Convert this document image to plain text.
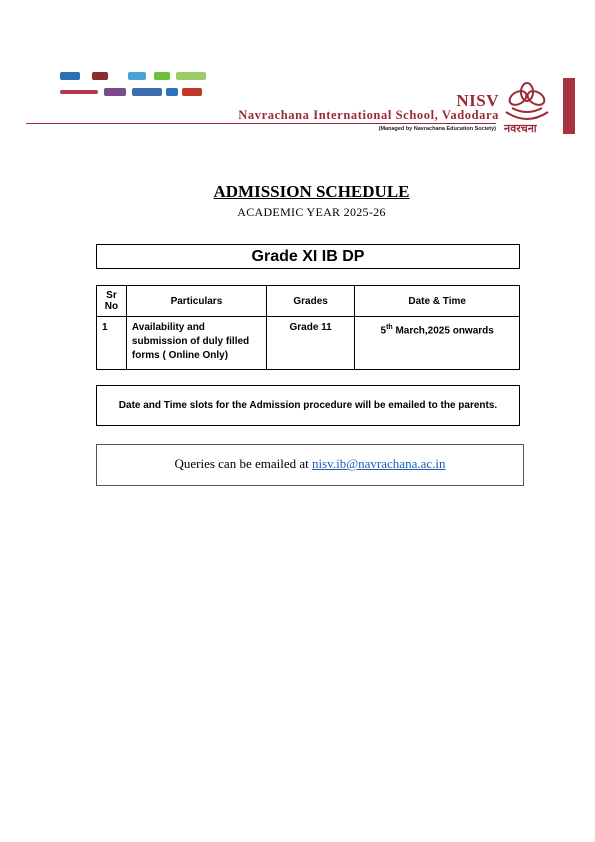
NISV
Navrachana International School, Vadodara
(Managed by Navrachana Education Society) नवरचना
ADMISSION SCHEDULE
ACADEMIC YEAR 2025-26
Grade XI IB DP
Sr No	Particulars	Grades	Date & Time
1	Availability and submission of duly filled forms ( Online Only)	Grade 11	5th March,2025 onwards
Date and Time slots for the Admission procedure will be emailed to the parents.
Queries can be emailed at nisv.ib@navrachana.ac.in
